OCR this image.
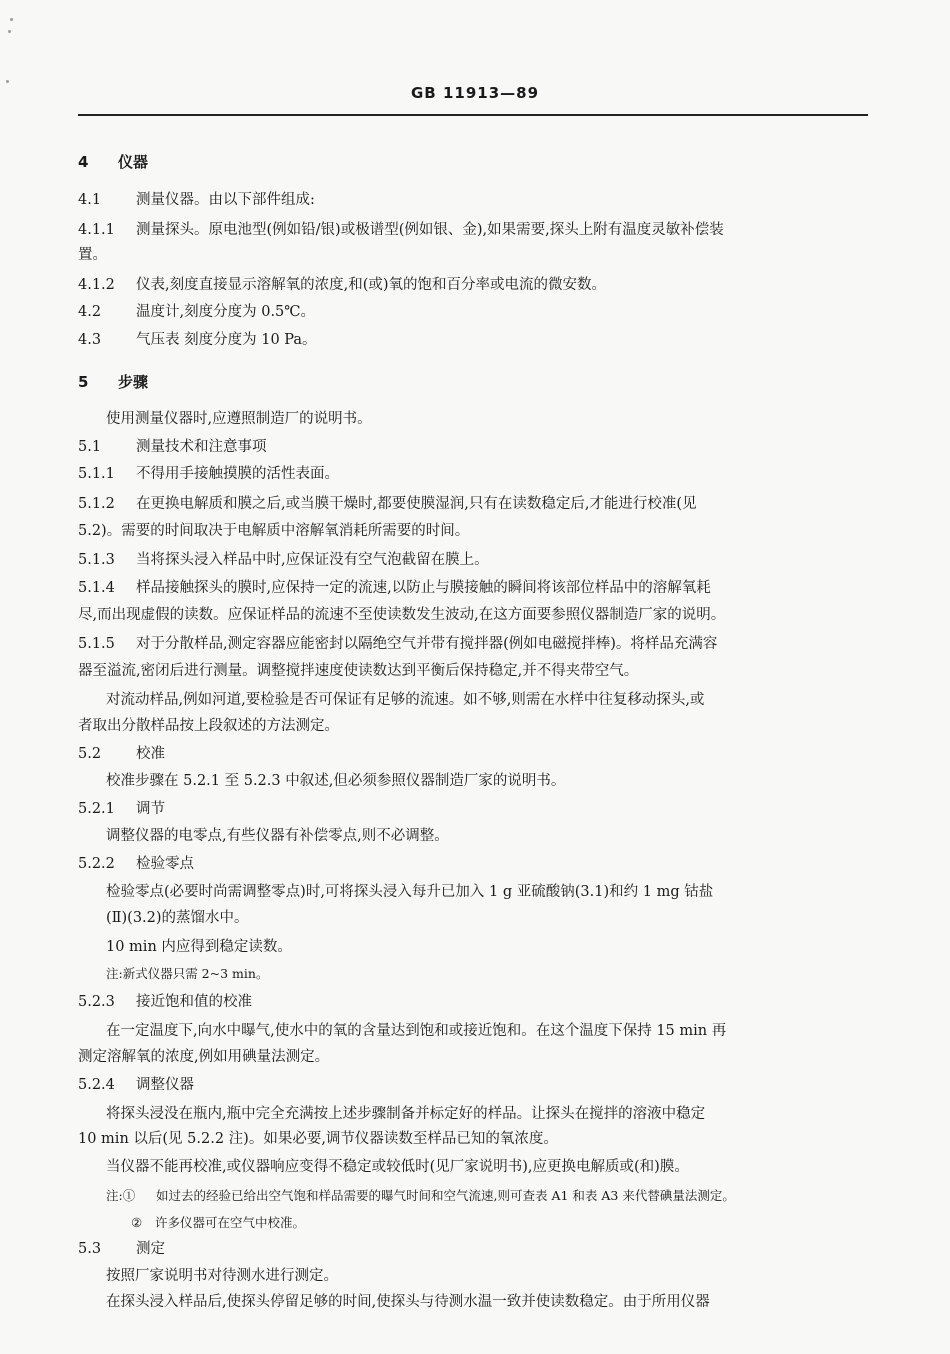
GB 11913—89
4 仪器
4.1 测量仪器。由以下部件组成:
4.1.1 测量探头。原电池型(例如铅/银)或极谱型(例如银、金),如果需要,探头上附有温度灵敏补偿装
置。
4.1.2 仪表,刻度直接显示溶解氧的浓度,和(或)氧的饱和百分率或电流的微安数。
4.2 温度计,刻度分度为 0.5℃。
4.3 气压表 刻度分度为 10 Pa。
5 步骤
使用测量仪器时,应遵照制造厂的说明书。
5.1 测量技术和注意事项
5.1.1 不得用手接触摸膜的活性表面。
5.1.2 在更换电解质和膜之后,或当膜干燥时,都要使膜湿润,只有在读数稳定后,才能进行校准(见
5.2)。需要的时间取决于电解质中溶解氧消耗所需要的时间。
5.1.3 当将探头浸入样品中时,应保证没有空气泡截留在膜上。
5.1.4 样品接触探头的膜时,应保持一定的流速,以防止与膜接触的瞬间将该部位样品中的溶解氧耗
尽,而出现虚假的读数。应保证样品的流速不至使读数发生波动,在这方面要参照仪器制造厂家的说明。
5.1.5 对于分散样品,测定容器应能密封以隔绝空气并带有搅拌器(例如电磁搅拌棒)。将样品充满容
器至溢流,密闭后进行测量。调整搅拌速度使读数达到平衡后保持稳定,并不得夹带空气。
对流动样品,例如河道,要检验是否可保证有足够的流速。如不够,则需在水样中往复移动探头,或
者取出分散样品按上段叙述的方法测定。
5.2 校准
校准步骤在 5.2.1 至 5.2.3 中叙述,但必须参照仪器制造厂家的说明书。
5.2.1 调节
调整仪器的电零点,有些仪器有补偿零点,则不必调整。
5.2.2 检验零点
检验零点(必要时尚需调整零点)时,可将探头浸入每升已加入 1 g 亚硫酸钠(3.1)和约 1 mg 钴盐
(Ⅱ)(3.2)的蒸馏水中。
10 min 内应得到稳定读数。
注:新式仪器只需 2~3 min。
5.2.3 接近饱和值的校准
在一定温度下,向水中曝气,使水中的氧的含量达到饱和或接近饱和。在这个温度下保持 15 min 再
测定溶解氧的浓度,例如用碘量法测定。
5.2.4 调整仪器
将探头浸没在瓶内,瓶中完全充满按上述步骤制备并标定好的样品。让探头在搅拌的溶液中稳定
10 min 以后(见 5.2.2 注)。如果必要,调节仪器读数至样品已知的氧浓度。
当仪器不能再校准,或仪器响应变得不稳定或较低时(见厂家说明书),应更换电解质或(和)膜。
注:① 如过去的经验已给出空气饱和样品需要的曝气时间和空气流速,则可查表 A1 和表 A3 来代替碘量法测定。
② 许多仪器可在空气中校准。
5.3 测定
按照厂家说明书对待测水进行测定。
在探头浸入样品后,使探头停留足够的时间,使探头与待测水温一致并使读数稳定。由于所用仪器
